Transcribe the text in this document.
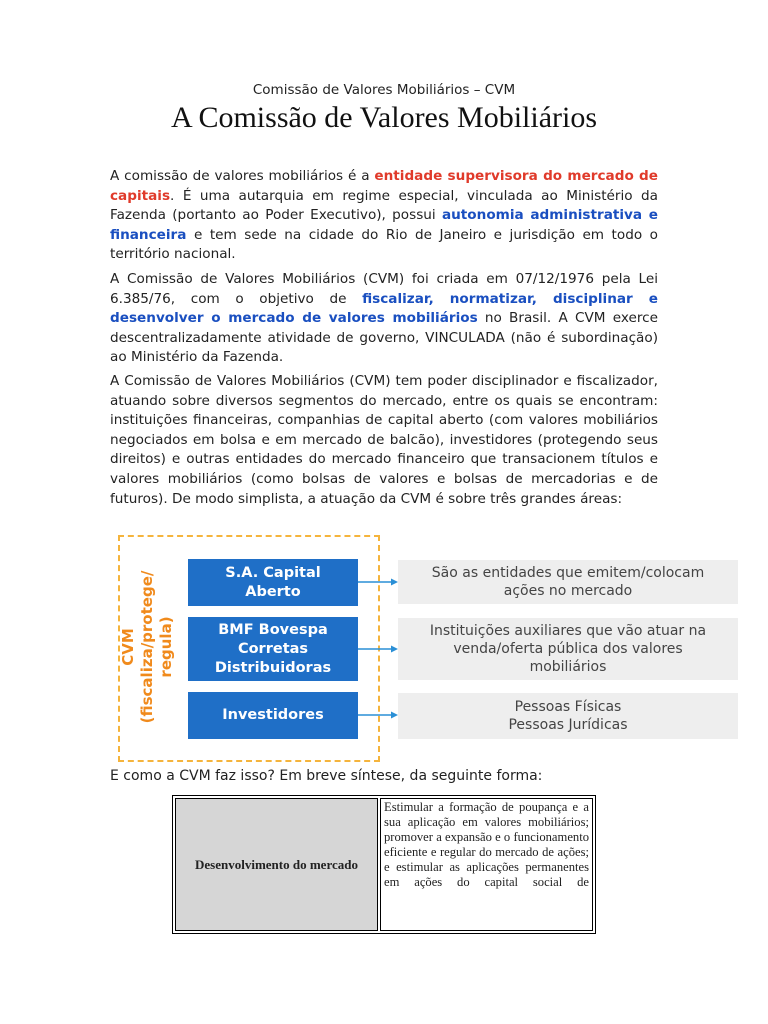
Comissão de Valores Mobiliários – CVM
A Comissão de Valores Mobiliários

A comissão de valores mobiliários é a entidade supervisora do mercado de capitais. É uma autarquia em regime especial, vinculada ao Ministério da Fazenda (portanto ao Poder Executivo), possui autonomia administrativa e financeira e tem sede na cidade do Rio de Janeiro e jurisdição em todo o território nacional.

A Comissão de Valores Mobiliários (CVM) foi criada em 07/12/1976 pela Lei 6.385/76, com o objetivo de fiscalizar, normatizar, disciplinar e desenvolver o mercado de valores mobiliários no Brasil. A CVM exerce descentralizadamente atividade de governo, VINCULADA (não é subordinação) ao Ministério da Fazenda.

A Comissão de Valores Mobiliários (CVM) tem poder disciplinador e fiscalizador, atuando sobre diversos segmentos do mercado, entre os quais se encontram: instituições financeiras, companhias de capital aberto (com valores mobiliários negociados em bolsa e em mercado de balcão), investidores (protegendo seus direitos) e outras entidades do mercado financeiro que transacionem títulos e valores mobiliários (como bolsas de valores e bolsas de mercadorias e de futuros). De modo simplista, a atuação da CVM é sobre três grandes áreas:

CVM (fiscaliza/protege/ regula)
S.A. Capital
Aberto
BMF Bovespa
Corretas
Distribuidoras
Investidores
São as entidades que emitem/colocam
ações no mercado
Instituições auxiliares que vão atuar na
venda/oferta pública dos valores
mobiliários
Pessoas Físicas
Pessoas Jurídicas
E como a CVM faz isso? Em breve síntese, da seguinte forma:
Desenvolvimento do mercado
Estimular a formação de poupança e a sua aplicação em valores mobiliários; promover a expansão e o funcionamento eficiente e regular do mercado de ações; e estimular as aplicações permanentes em ações do capital social de
